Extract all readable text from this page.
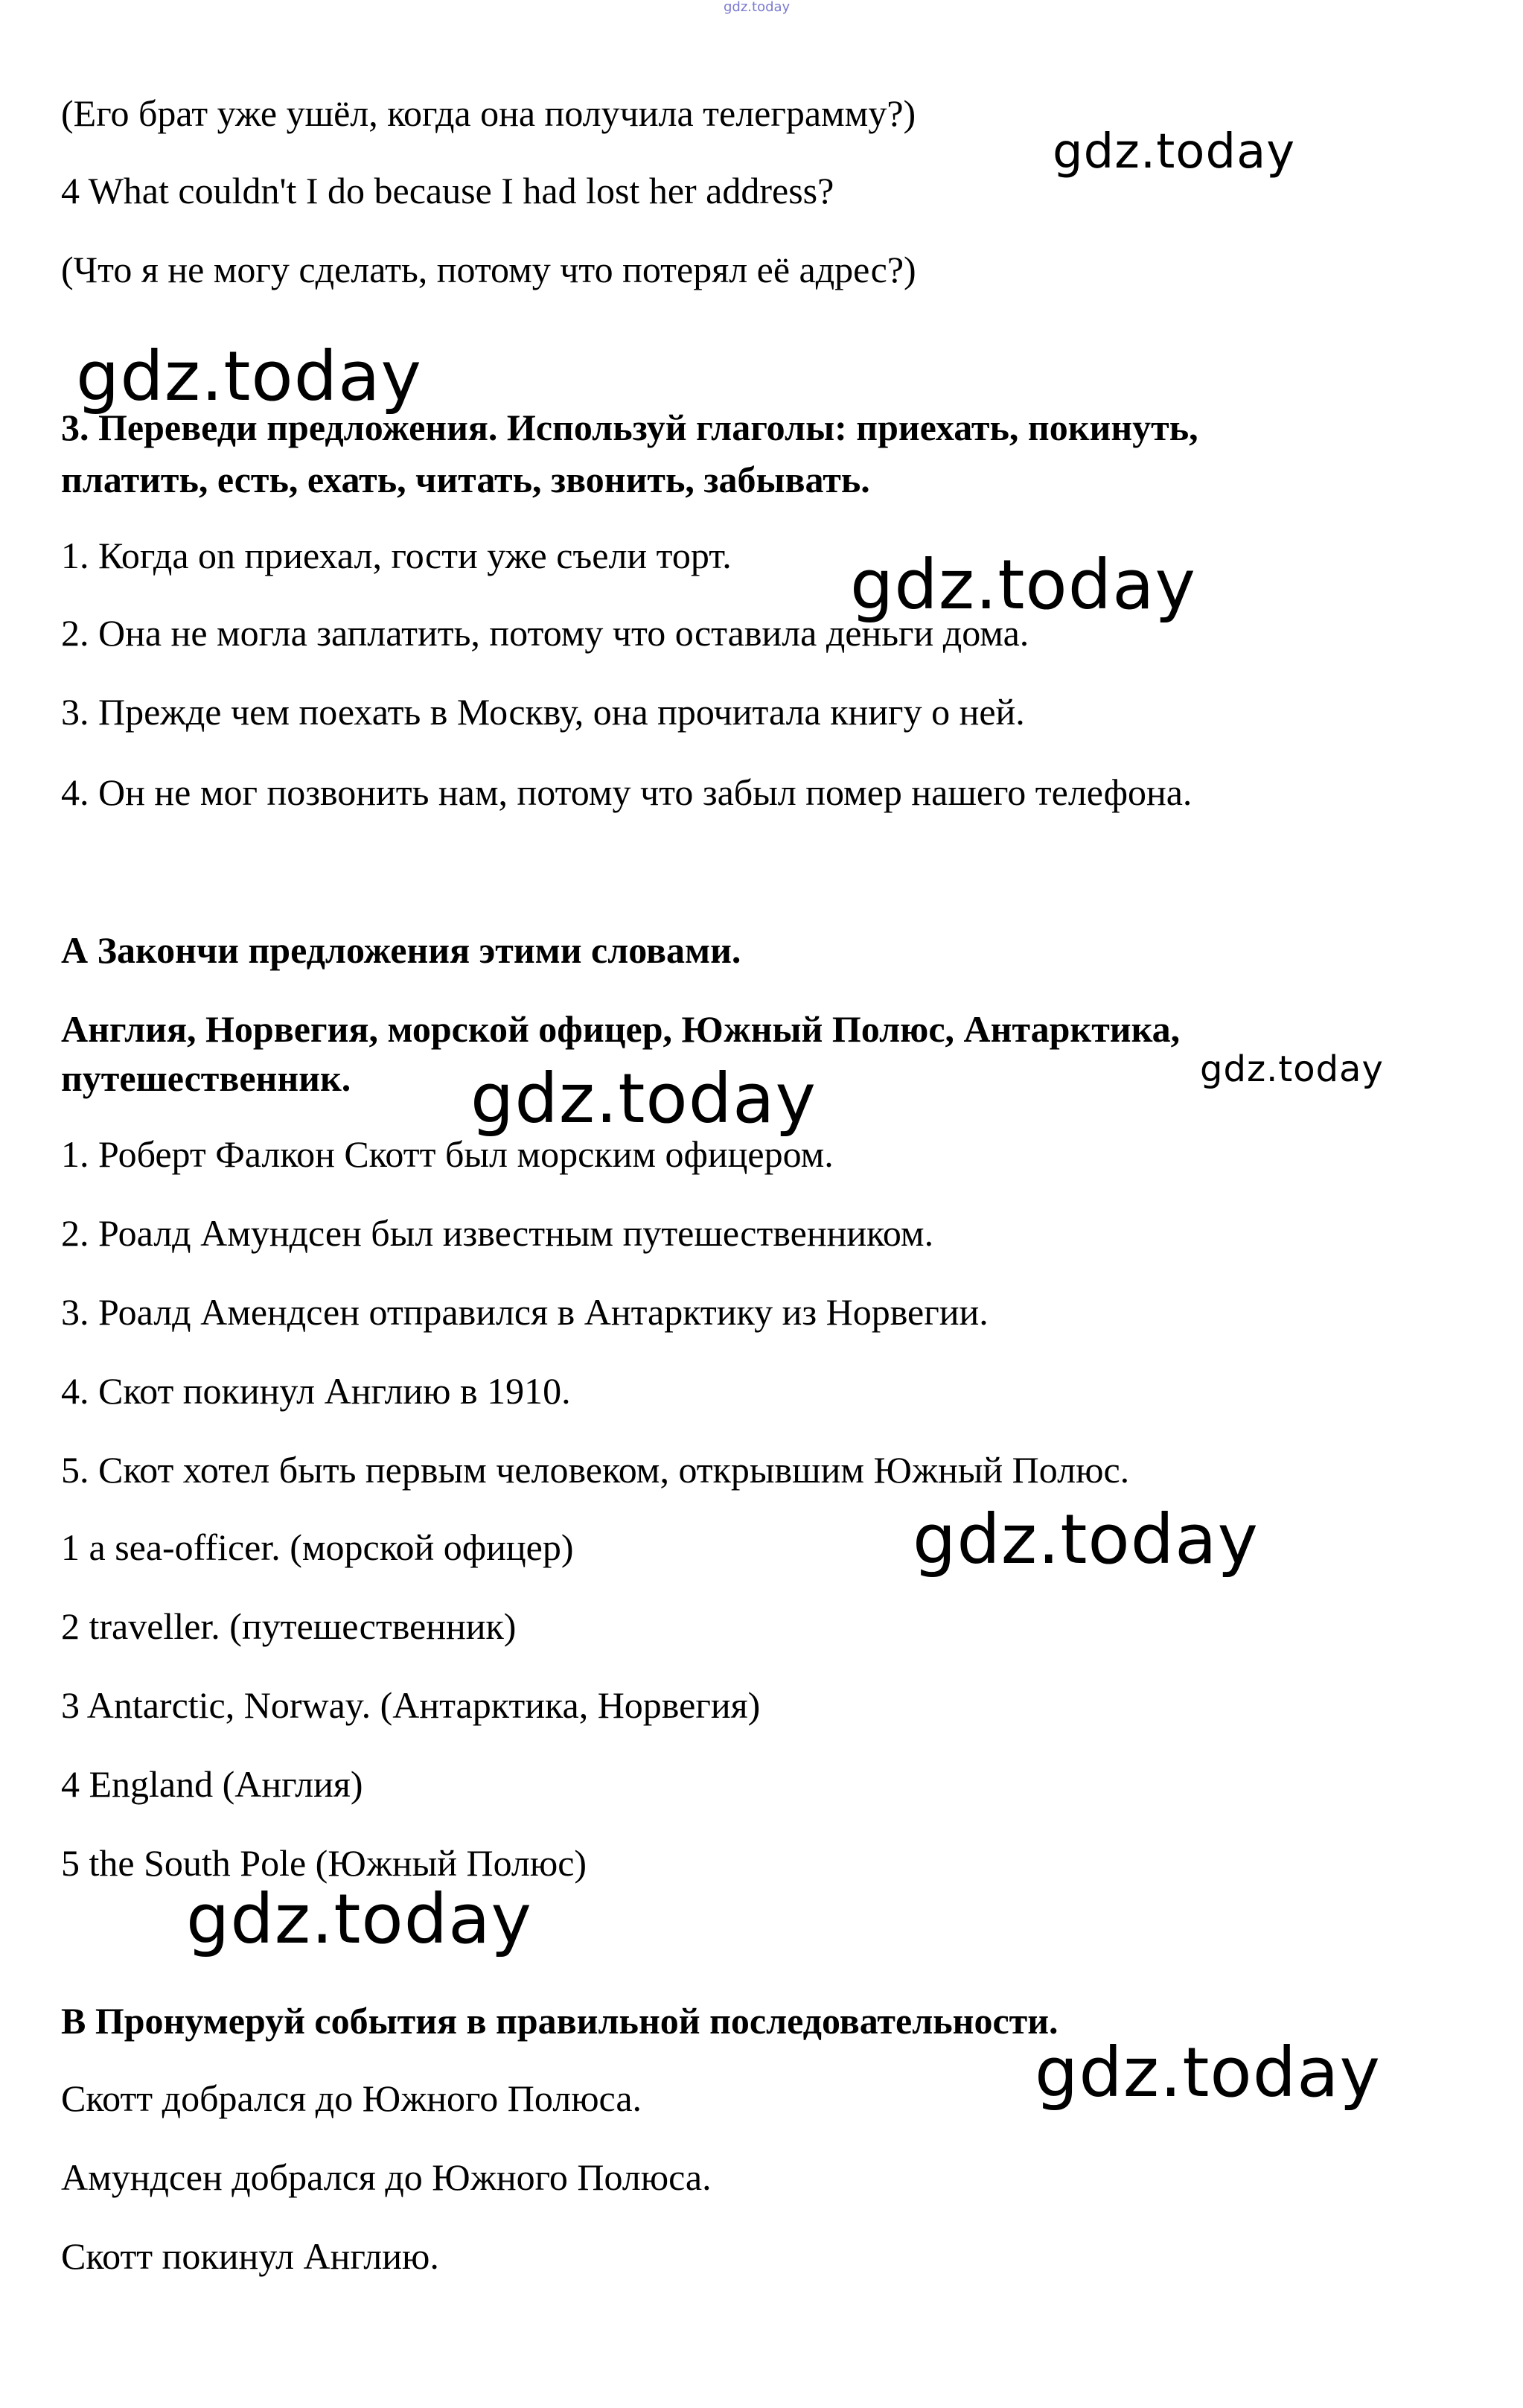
gdz.today
(Его брат уже ушёл, когда она получила телеграмму?)
4 What couldn't I do because I had lost her address?
(Что я не могу сделать, потому что потерял её адрес?)
gdz.today
gdz.today
3. Переведи предложения. Используй глаголы: приехать, покинуть,
платить, есть, ехать, читать, звонить, забывать.
1. Когда on приехал, гости уже съели торт.
2. Она не могла заплатить, потому что оставила деньги дома.
3. Прежде чем поехать в Москву, она прочитала книгу о ней.
4. Он не мог позвонить нам, потому что забыл помер нашего телефона.
gdz.today
А Закончи предложения этими словами.
Англия, Норвегия, морской офицер, Южный Полюс, Антарктика,
путешественник.	gdz.today
gdz.today
1. Роберт Фалкон Скотт был морским офицером.
2. Роалд Амундсен был известным путешественником.
3. Роалд Амендсен отправился в Антарктику из Норвегии.
4. Скот покинул Англию в 1910.
5. Скот хотел быть первым человеком, открывшим Южный Полюс.
1 a sea-officer. (морской офицер)
2 traveller. (путешественник)
3 Antarctic, Norway. (Антарктика, Норвегия)
4 England (Англия)
5 the South Pole (Южный Полюс)
gdz.today
gdz.today
В Пронумеруй события в правильной последовательности.
Скотт добрался до Южного Полюса.
Амундсен добрался до Южного Полюса.
Скотт покинул Англию.
gdz.today
